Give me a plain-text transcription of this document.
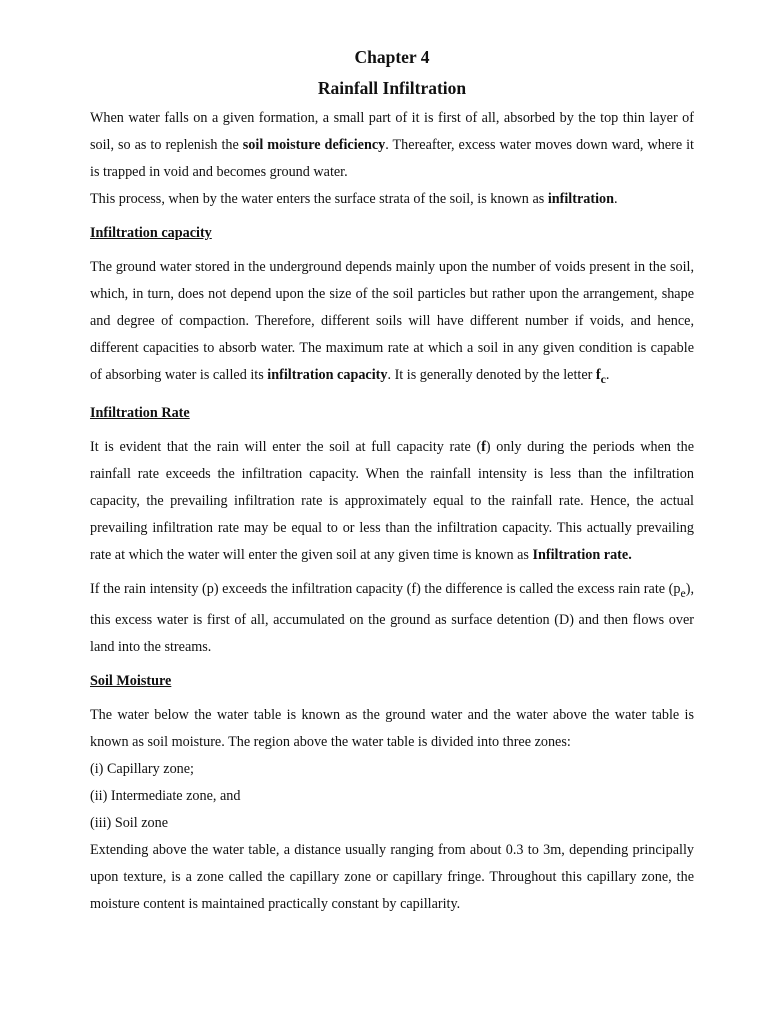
Chapter 4
Rainfall Infiltration

When water falls on a given formation, a small part of it is first of all, absorbed by the top thin layer of soil, so as to replenish the soil moisture deficiency. Thereafter, excess water moves down ward, where it is trapped in void and becomes ground water.

This process, when by the water enters the surface strata of the soil, is known as infiltration.

Infiltration capacity

The ground water stored in the underground depends mainly upon the number of voids present in the soil, which, in turn, does not depend upon the size of the soil particles but rather upon the arrangement, shape and degree of compaction. Therefore, different soils will have different number if voids, and hence, different capacities to absorb water. The maximum rate at which a soil in any given condition is capable of absorbing water is called its infiltration capacity. It is generally denoted by the letter $f_c$.

Infiltration Rate

It is evident that the rain will enter the soil at full capacity rate (f) only during the periods when the rainfall rate exceeds the infiltration capacity. When the rainfall intensity is less than the infiltration capacity, the prevailing infiltration rate is approximately equal to the rainfall rate. Hence, the actual prevailing infiltration rate may be equal to or less than the infiltration capacity. This actually prevailing rate at which the water will enter the given soil at any given time is known as Infiltration rate.

If the rain intensity (p) exceeds the infiltration capacity (f) the difference is called the excess rain rate $(p_e)$, this excess water is first of all, accumulated on the ground as surface detention (D) and then flows over land into the streams.

Soil Moisture

The water below the water table is known as the ground water and the water above the water table is known as soil moisture. The region above the water table is divided into three zones:

(i) Capillary zone;

(ii) Intermediate zone, and

(iii) Soil zone

Extending above the water table, a distance usually ranging from about 0.3 to 3m, depending principally upon texture, is a zone called the capillary zone or capillary fringe. Throughout this capillary zone, the moisture content is maintained practically constant by capillarity.
